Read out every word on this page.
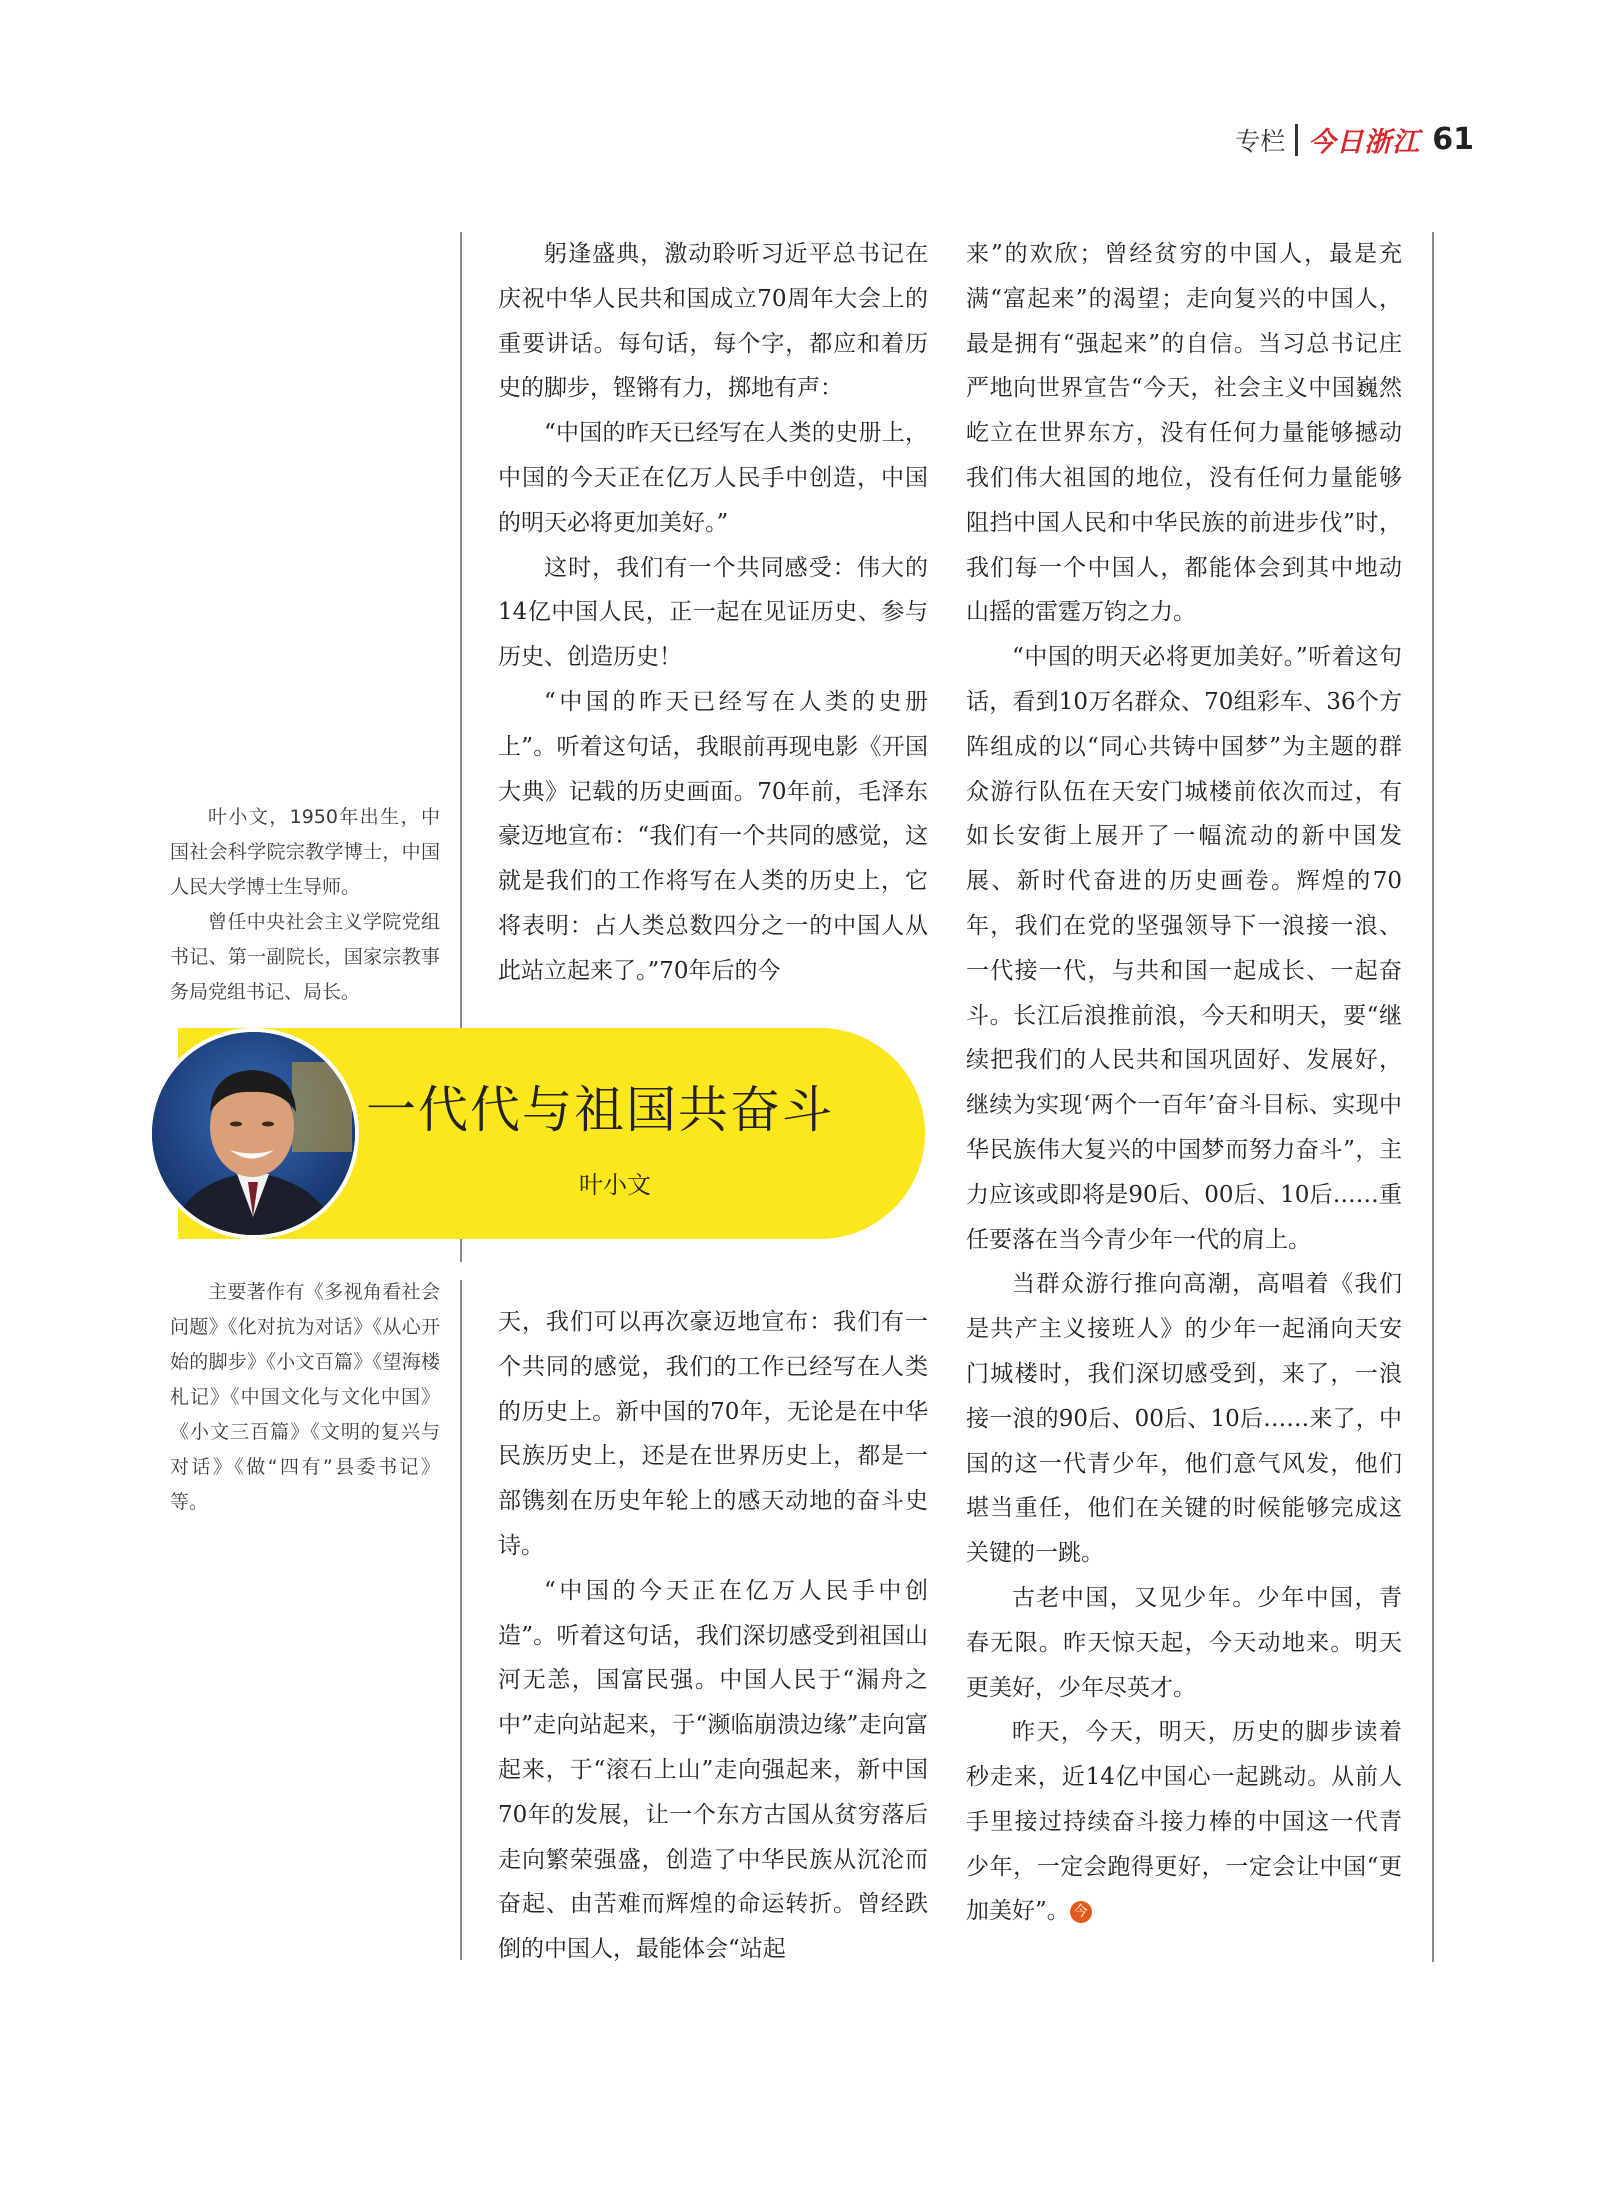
专栏 今日浙江 61

叶小文，1950年出生，中国社会科学院宗教学博士，中国人民大学博士生导师。

曾任中央社会主义学院党组书记、第一副院长，国家宗教事务局党组书记、局长。

主要著作有《多视角看社会问题》《化对抗为对话》《从心开始的脚步》《小文百篇》《望海楼札记》《中国文化与文化中国》《小文三百篇》《文明的复兴与对话》《做“四有”县委书记》等。

一代代与祖国共奋斗
叶小文

躬逢盛典，激动聆听习近平总书记在庆祝中华人民共和国成立70周年大会上的重要讲话。每句话，每个字，都应和着历史的脚步，铿锵有力，掷地有声：

“中国的昨天已经写在人类的史册上，中国的今天正在亿万人民手中创造，中国的明天必将更加美好。”

这时，我们有一个共同感受：伟大的14亿中国人民，正一起在见证历史、参与历史、创造历史！

“中国的昨天已经写在人类的史册上”。听着这句话，我眼前再现电影《开国大典》记载的历史画面。70年前，毛泽东豪迈地宣布：“我们有一个共同的感觉，这就是我们的工作将写在人类的历史上，它将表明：占人类总数四分之一的中国人从此站立起来了。”70年后的今

天，我们可以再次豪迈地宣布：我们有一个共同的感觉，我们的工作已经写在人类的历史上。新中国的70年，无论是在中华民族历史上，还是在世界历史上，都是一部镌刻在历史年轮上的感天动地的奋斗史诗。

“中国的今天正在亿万人民手中创造”。听着这句话，我们深切感受到祖国山河无恙，国富民强。中国人民于“漏舟之中”走向站起来，于“濒临崩溃边缘”走向富起来，于“滚石上山”走向强起来，新中国70年的发展，让一个东方古国从贫穷落后走向繁荣强盛，创造了中华民族从沉沦而奋起、由苦难而辉煌的命运转折。曾经跌倒的中国人，最能体会“站起

来”的欢欣；曾经贫穷的中国人，最是充满“富起来”的渴望；走向复兴的中国人，最是拥有“强起来”的自信。当习总书记庄严地向世界宣告“今天，社会主义中国巍然屹立在世界东方，没有任何力量能够撼动我们伟大祖国的地位，没有任何力量能够阻挡中国人民和中华民族的前进步伐”时，我们每一个中国人，都能体会到其中地动山摇的雷霆万钧之力。

“中国的明天必将更加美好。”听着这句话，看到10万名群众、70组彩车、36个方阵组成的以“同心共铸中国梦”为主题的群众游行队伍在天安门城楼前依次而过，有如长安街上展开了一幅流动的新中国发展、新时代奋进的历史画卷。辉煌的70年，我们在党的坚强领导下一浪接一浪、一代接一代，与共和国一起成长、一起奋斗。长江后浪推前浪，今天和明天，要“继续把我们的人民共和国巩固好、发展好，继续为实现‘两个一百年’奋斗目标、实现中华民族伟大复兴的中国梦而努力奋斗”，主力应该或即将是90后、00后、10后……重任要落在当今青少年一代的肩上。

当群众游行推向高潮，高唱着《我们是共产主义接班人》的少年一起涌向天安门城楼时，我们深切感受到，来了，一浪接一浪的90后、00后、10后……来了，中国的这一代青少年，他们意气风发，他们堪当重任，他们在关键的时候能够完成这关键的一跳。

古老中国，又见少年。少年中国，青春无限。昨天惊天起，今天动地来。明天更美好，少年尽英才。

昨天，今天，明天，历史的脚步读着秒走来，近14亿中国心一起跳动。从前人手里接过持续奋斗接力棒的中国这一代青少年，一定会跑得更好，一定会让中国“更加美好”。 今
